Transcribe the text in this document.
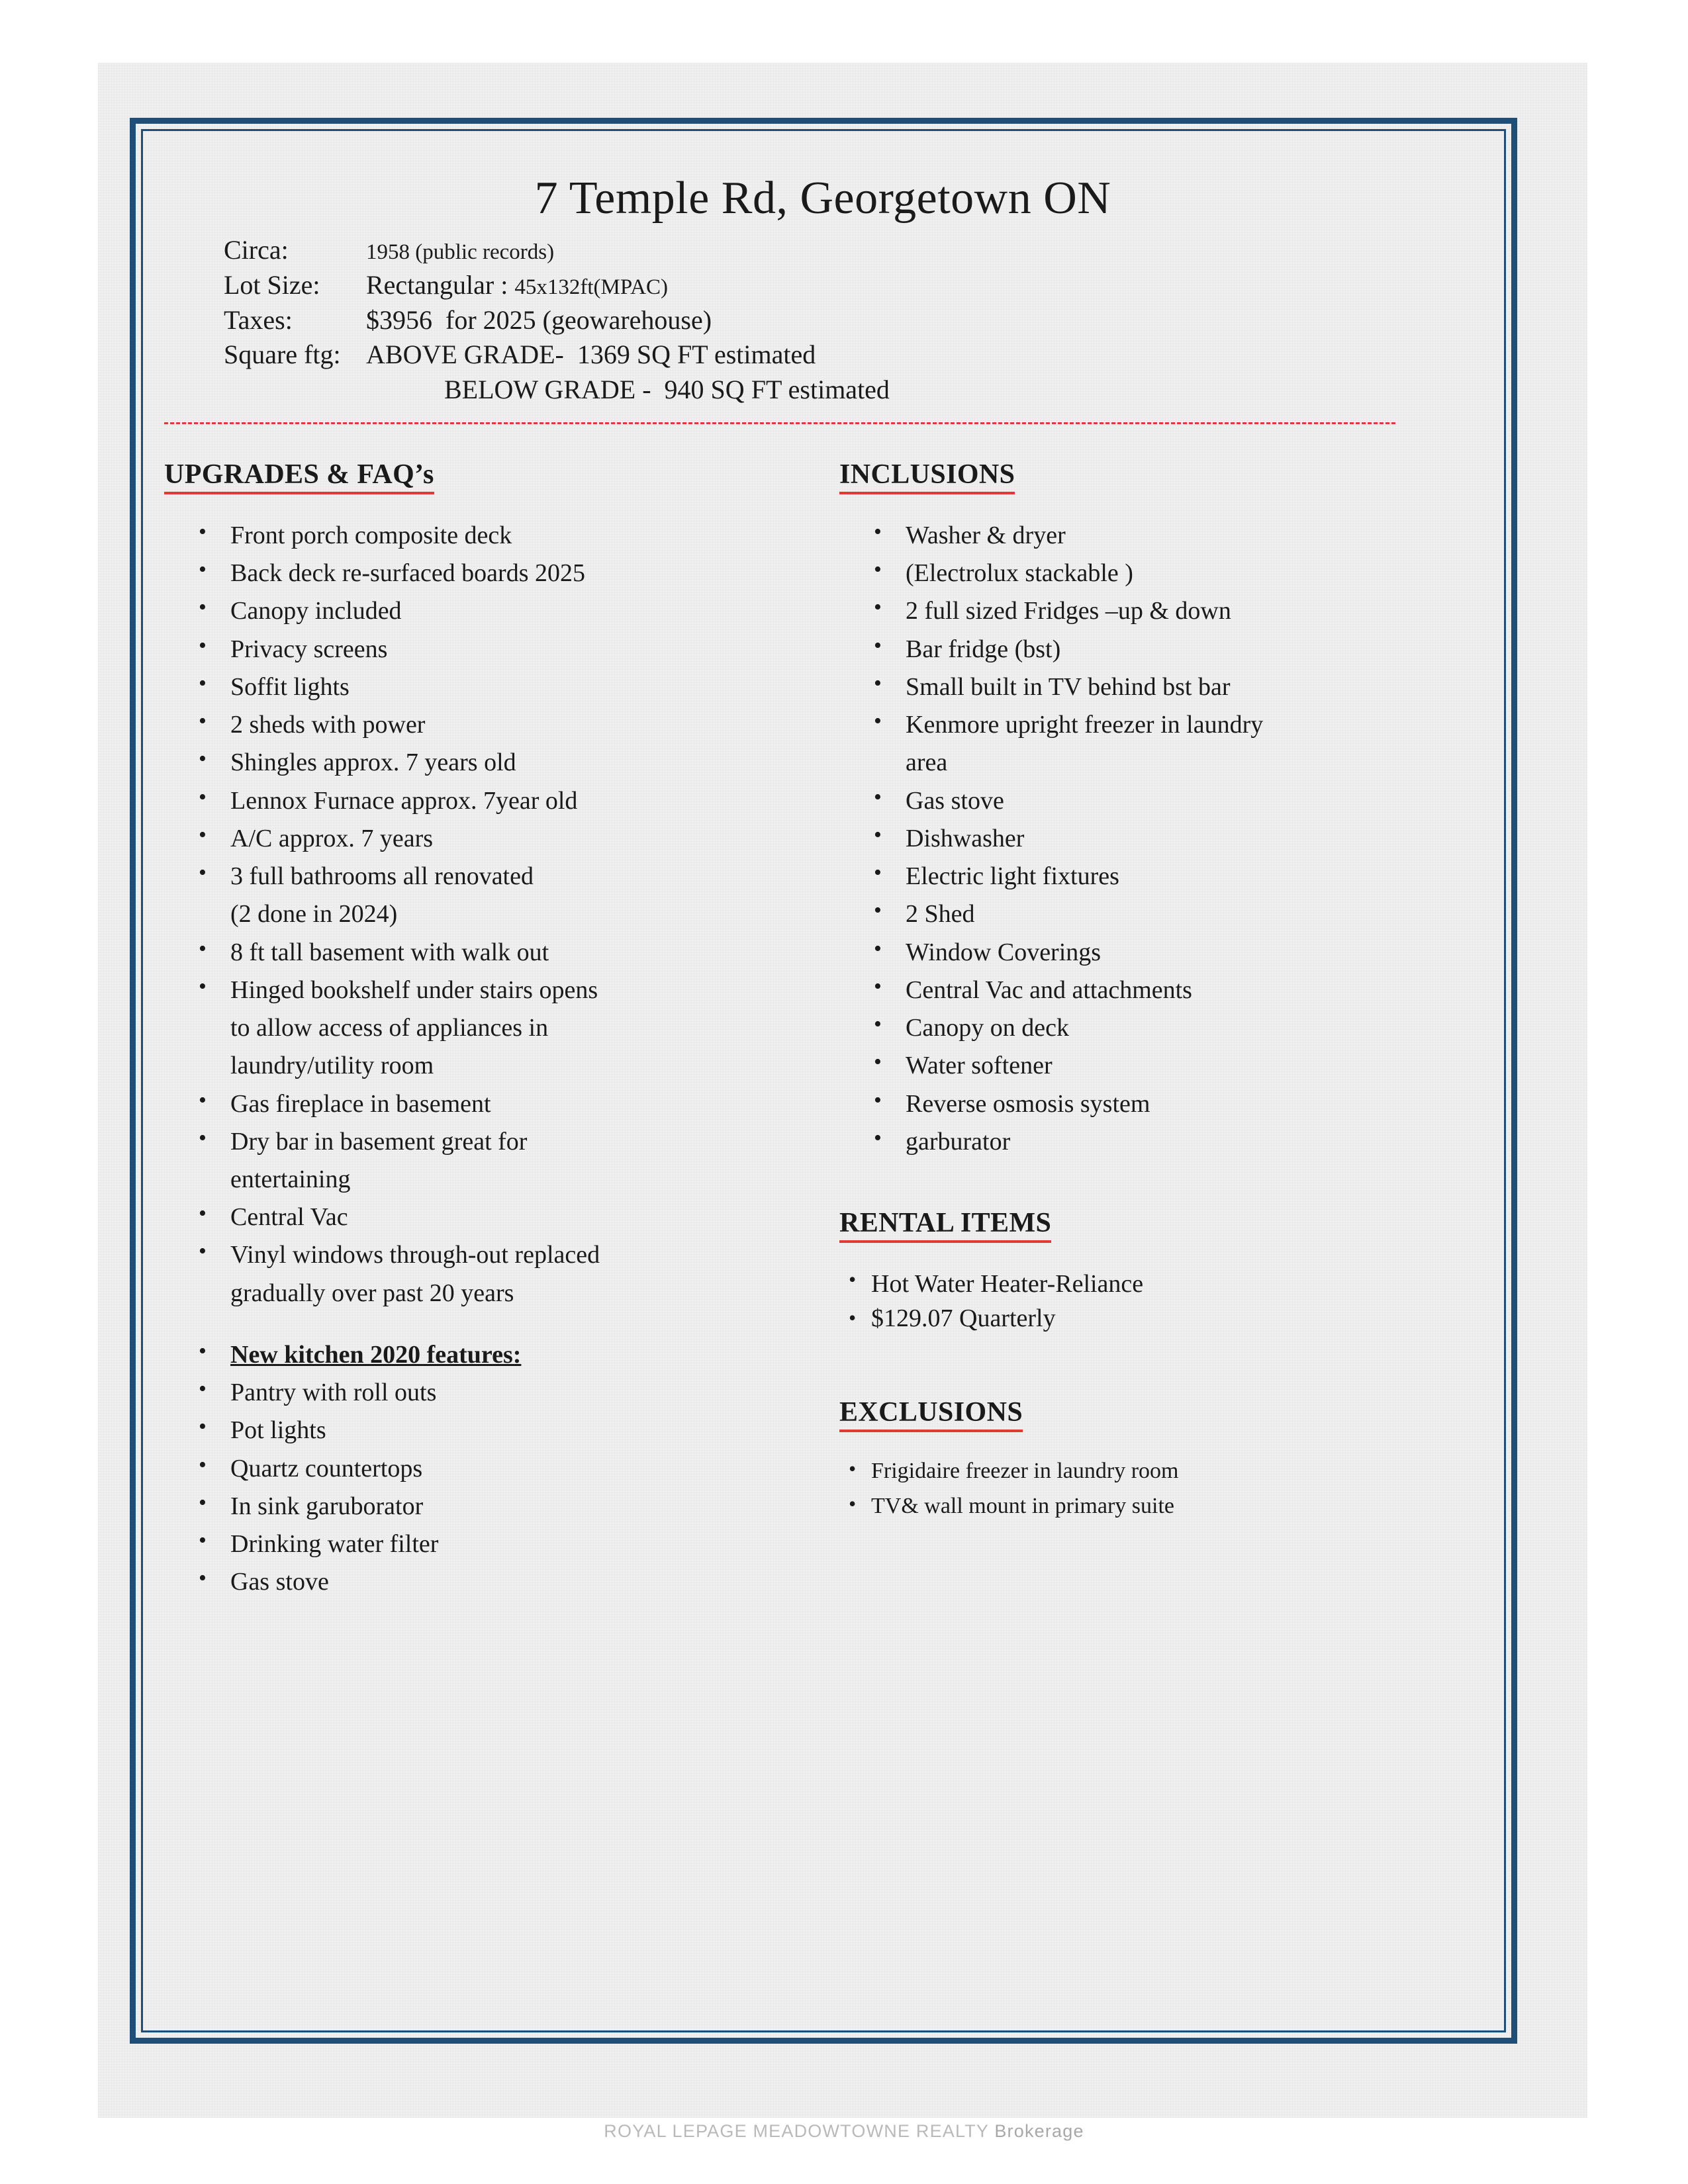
7 Temple Rd, Georgetown ON
Circa:	1958 (public records)
Lot Size: Rectangular : 45x132ft(MPAC)
Taxes:	$3956  for 2025 (geowarehouse)
Square ftg: ABOVE GRADE-  1369 SQ FT estimated
BELOW GRADE -  940 SQ FT estimated
UPGRADES & FAQ’s
• Front porch composite deck
• Back deck re-surfaced boards 2025
• Canopy included
• Privacy screens
• Soffit lights
• 2 sheds with power
• Shingles approx. 7 years old
• Lennox Furnace approx. 7year old
• A/C approx. 7 years
• 3 full bathrooms all renovated
(2 done in 2024)
• 8 ft tall basement with walk out
• Hinged bookshelf under stairs opens
to allow access of appliances in
laundry/utility room
• Gas fireplace in basement
• Dry bar in basement great for
entertaining
• Central Vac
• Vinyl windows through-out replaced
gradually over past 20 years
• New kitchen 2020 features:
• Pantry with roll outs
• Pot lights
• Quartz countertops
• In sink garuborator
• Drinking water filter
• Gas stove
INCLUSIONS
• Washer & dryer
• (Electrolux stackable )
• 2 full sized Fridges –up & down
• Bar fridge (bst)
• Small built in TV behind bst bar
• Kenmore upright freezer in laundry
area
• Gas stove
• Dishwasher
• Electric light fixtures
• 2 Shed
• Window Coverings
• Central Vac and attachments
• Canopy on deck
• Water softener
• Reverse osmosis system
• garburator
RENTAL ITEMS
• Hot Water Heater-Reliance
•
$129.07 Quarterly
EXCLUSIONS
• Frigidaire freezer in laundry room
• TV& wall mount in primary suite
ROYAL LEPAGE MEADOWTOWNE REALTY Brokerage
